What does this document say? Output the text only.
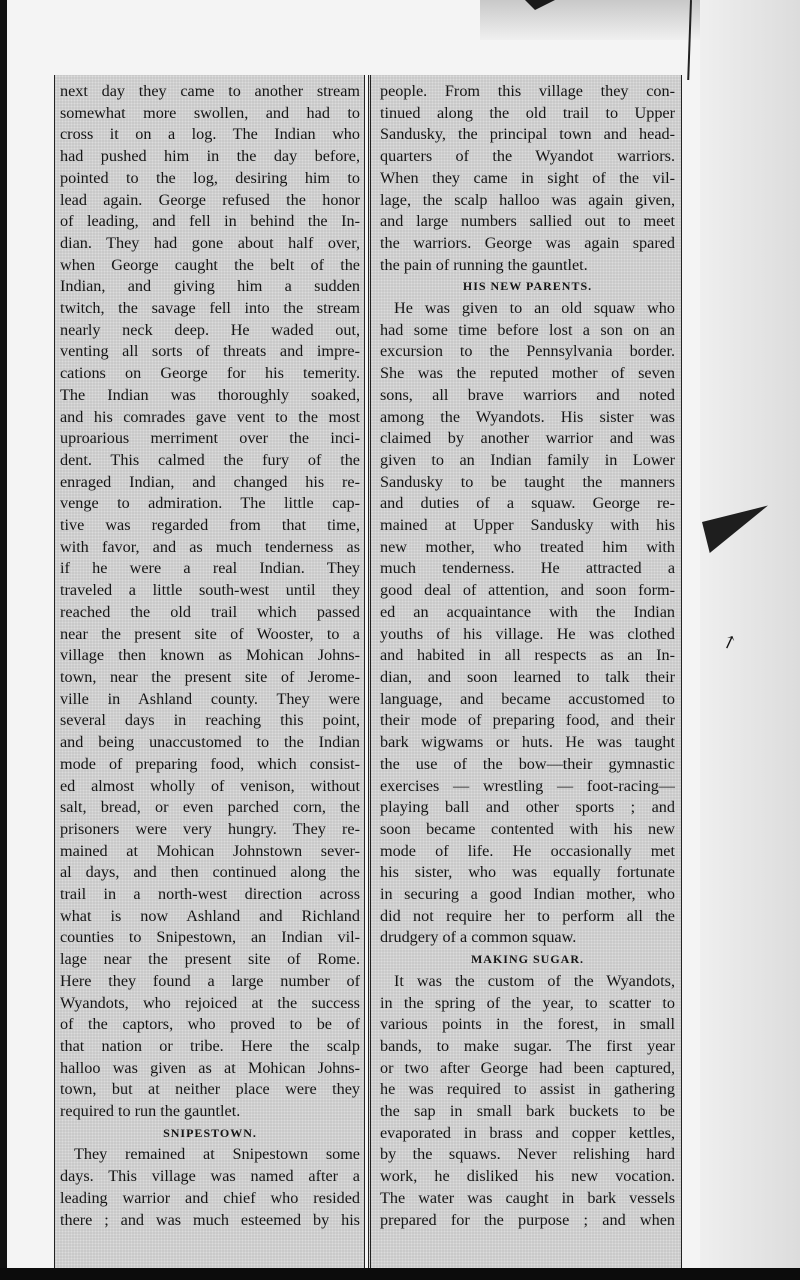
↗
next day they came to another stream
somewhat more swollen, and had to
cross it on a log. The Indian who
had pushed him in the day before,
pointed to the log, desiring him to
lead again. George refused the honor
of leading, and fell in behind the In-
dian. They had gone about half over,
when George caught the belt of the
Indian, and giving him a sudden
twitch, the savage fell into the stream
nearly neck deep. He waded out,
venting all sorts of threats and impre-
cations on George for his temerity.
The Indian was thoroughly soaked,
and his comrades gave vent to the most
uproarious merriment over the inci-
dent. This calmed the fury of the
enraged Indian, and changed his re-
venge to admiration. The little cap-
tive was regarded from that time,
with favor, and as much tenderness as
if he were a real Indian. They
traveled a little south-west until they
reached the old trail which passed
near the present site of Wooster, to a
village then known as Mohican Johns-
town, near the present site of Jerome-
ville in Ashland county. They were
several days in reaching this point,
and being unaccustomed to the Indian
mode of preparing food, which consist-
ed almost wholly of venison, without
salt, bread, or even parched corn, the
prisoners were very hungry. They re-
mained at Mohican Johnstown sever-
al days, and then continued along the
trail in a north-west direction across
what is now Ashland and Richland
counties to Snipestown, an Indian vil-
lage near the present site of Rome.
Here they found a large number of
Wyandots, who rejoiced at the success
of the captors, who proved to be of
that nation or tribe. Here the scalp
halloo was given as at Mohican Johns-
town, but at neither place were they
required to run the gauntlet.
SNIPESTOWN.
They remained at Snipestown some
days. This village was named after a
leading warrior and chief who resided
there ; and was much esteemed by his
people. From this village they con-
tinued along the old trail to Upper
Sandusky, the principal town and head-
quarters of the Wyandot warriors.
When they came in sight of the vil-
lage, the scalp halloo was again given,
and large numbers sallied out to meet
the warriors. George was again spared
the pain of running the gauntlet.
HIS NEW PARENTS.
He was given to an old squaw who
had some time before lost a son on an
excursion to the Pennsylvania border.
She was the reputed mother of seven
sons, all brave warriors and noted
among the Wyandots. His sister was
claimed by another warrior and was
given to an Indian family in Lower
Sandusky to be taught the manners
and duties of a squaw. George re-
mained at Upper Sandusky with his
new mother, who treated him with
much tenderness. He attracted a
good deal of attention, and soon form-
ed an acquaintance with the Indian
youths of his village. He was clothed
and habited in all respects as an In-
dian, and soon learned to talk their
language, and became accustomed to
their mode of preparing food, and their
bark wigwams or huts. He was taught
the use of the bow—their gymnastic
exercises — wrestling — foot-racing—
playing ball and other sports ; and
soon became contented with his new
mode of life. He occasionally met
his sister, who was equally fortunate
in securing a good Indian mother, who
did not require her to perform all the
drudgery of a common squaw.
MAKING SUGAR.
It was the custom of the Wyandots,
in the spring of the year, to scatter to
various points in the forest, in small
bands, to make sugar. The first year
or two after George had been captured,
he was required to assist in gathering
the sap in small bark buckets to be
evaporated in brass and copper kettles,
by the squaws. Never relishing hard
work, he disliked his new vocation.
The water was caught in bark vessels
prepared for the purpose ; and when
